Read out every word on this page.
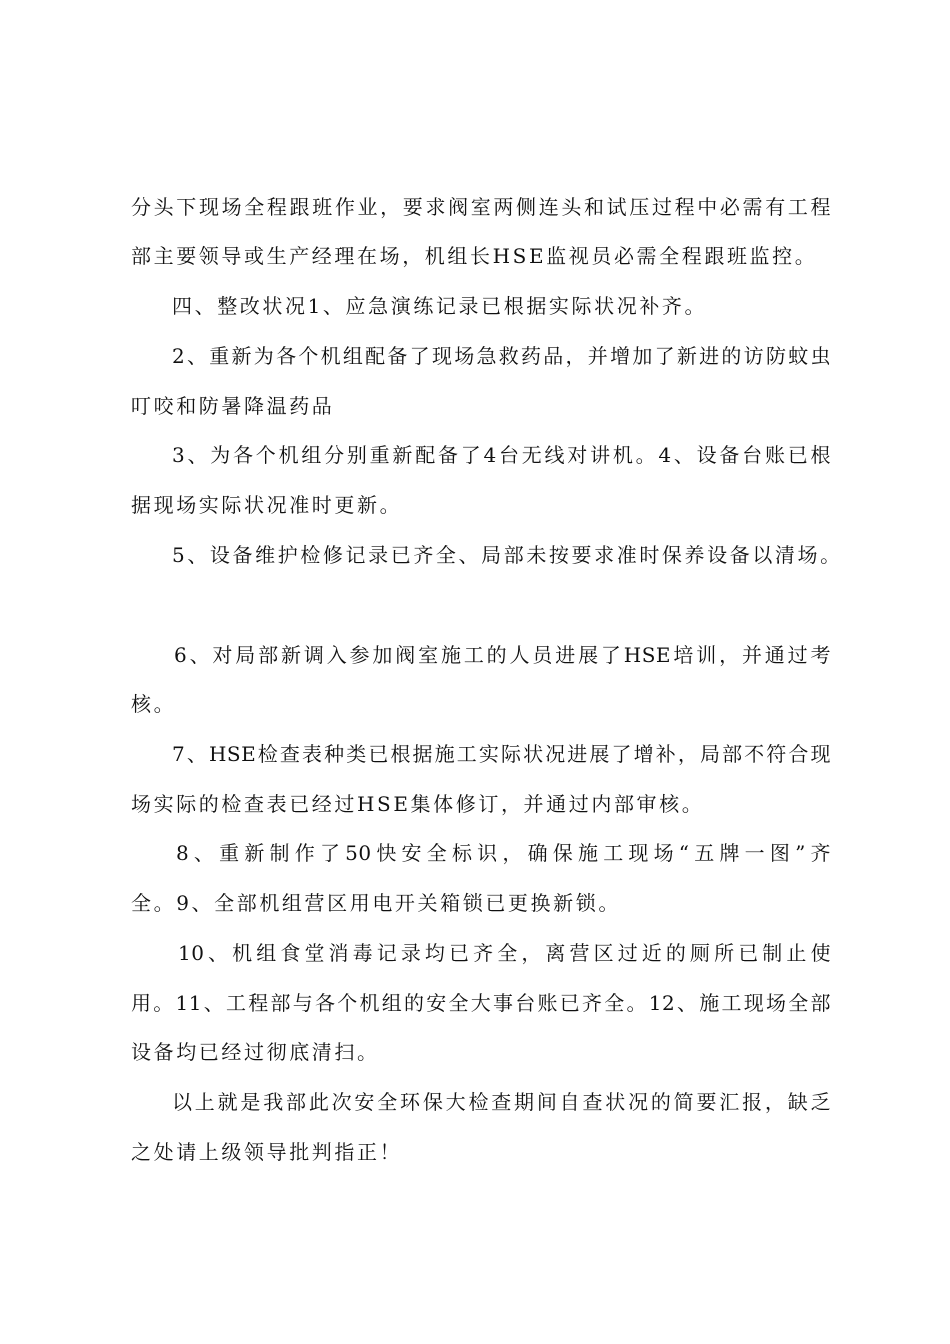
分头下现场全程跟班作业，要求阀室两侧连头和试压过程中必需有工程
部主要领导或生产经理在场，机组长HSE监视员必需全程跟班监控。
四、整改状况1、应急演练记录已根据实际状况补齐。
2、重新为各个机组配备了现场急救药品，并增加了新进的访防蚊虫
叮咬和防暑降温药品
3、为各个机组分别重新配备了4台无线对讲机。4、设备台账已根
据现场实际状况准时更新。
5、设备维护检修记录已齐全、局部未按要求准时保养设备以清场。
6、对局部新调入参加阀室施工的人员进展了HSE培训，并通过考
核。
7、HSE检查表种类已根据施工实际状况进展了增补，局部不符合现
场实际的检查表已经过HSE集体修订，并通过内部审核。
8、重新制作了50快安全标识，确保施工现场“五牌一图”齐
全。9、全部机组营区用电开关箱锁已更换新锁。
10、机组食堂消毒记录均已齐全，离营区过近的厕所已制止使
用。11、工程部与各个机组的安全大事台账已齐全。12、施工现场全部
设备均已经过彻底清扫。
以上就是我部此次安全环保大检查期间自查状况的简要汇报，缺乏
之处请上级领导批判指正！
